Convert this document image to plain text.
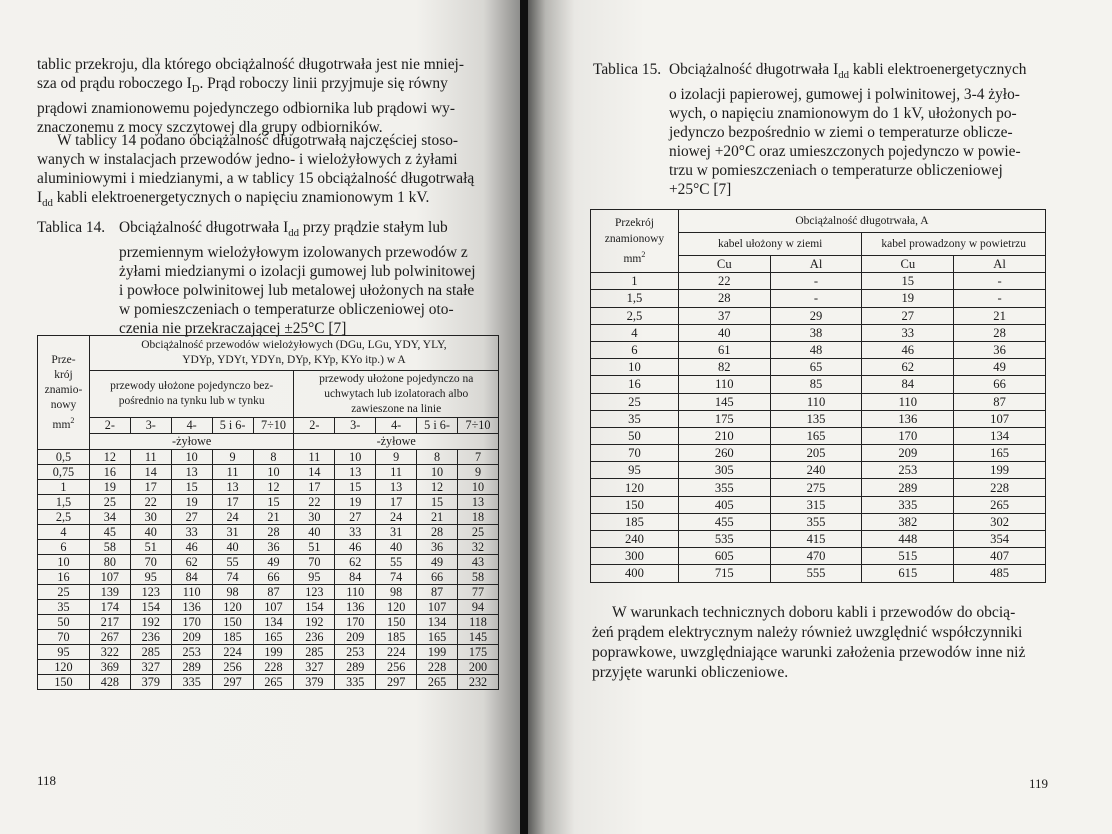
tablic przekroju, dla którego obciążalność długotrwała jest nie mniej-
sza od prądu roboczego $I_D$. Prąd roboczy linii przyjmuje się równy
prądowi znamionowemu pojedynczego odbiornika lub prądowi wy-
znaczonemu z mocy szczytowej dla grupy odbiorników.

W tablicy 14 podano obciążalność długotrwałą najczęściej stoso-
wanych w instalacjach przewodów jedno- i wielożyłowych z żyłami
aluminiowymi i miedzianymi, a w tablicy 15 obciążalność długotrwałą
$I_{dd}$ kabli elektroenergetycznych o napięciu znamionowym 1 kV.

Tablica 14. Obciążalność długotrwała $I_{dd}$ przy prądzie stałym lub
przemiennym wielożyłowym izolowanych przewodów z
żyłami miedzianymi o izolacji gumowej lub polwinitowej
i powłoce polwinitowej lub metalowej ułożonych na stałe
w pomieszczeniach o temperaturze obliczeniowej oto-
czenia nie przekraczającej ±25°C [7]
Prze-
krój
znamio-
nowy
$mm^2$	Obciążalność przewodów wielożyłowych (DGu, LGu, YDY, YLY,
YDYp, YDYt, YDYn, DYp, KYp, KYo itp.) w A									
	przewody ułożone pojedynczo bez-pośrednio na tynku lub w tynku					przewody ułożone pojedynczo na uchwytach lub izolatorach albo zawieszone na linie				
	2-	3-	4-	5 i 6-	7÷10	2-	3-	4-	5 i 6-	7÷10
	-żyłowe					-żyłowe				
0,5	12	11	10	9	8	11	10	9	8	7
0,75	16	14	13	11	10	14	13	11	10	9
1	19	17	15	13	12	17	15	13	12	10
1,5	25	22	19	17	15	22	19	17	15	13
2,5	34	30	27	24	21	30	27	24	21	18
4	45	40	33	31	28	40	33	31	28	25
6	58	51	46	40	36	51	46	40	36	32
10	80	70	62	55	49	70	62	55	49	43
16	107	95	84	74	66	95	84	74	66	58
25	139	123	110	98	87	123	110	98	87	77
35	174	154	136	120	107	154	136	120	107	94
50	217	192	170	150	134	192	170	150	134	118
70	267	236	209	185	165	236	209	185	165	145
95	322	285	253	224	199	285	253	224	199	175
120	369	327	289	256	228	327	289	256	228	200
150	428	379	335	297	265	379	335	297	265	232
118
Tablica 15. Obciążalność długotrwała $I_{dd}$ kabli elektroenergetycznych
o izolacji papierowej, gumowej i polwinitowej, 3-4 żyło-
wych, o napięciu znamionowym do 1 kV, ułożonych po-
jedynczo bezpośrednio w ziemi o temperaturze oblicze-
niowej +20°C oraz umieszczonych pojedynczo w powie-
trzu w pomieszczeniach o temperaturze obliczeniowej
+25°C [7]
Przekrój
znamionowy
$mm^2$	Obciążalność długotrwała, A			
	kabel ułożony w ziemi		kabel prowadzony w powietrzu	
	Cu	Al	Cu	Al
1	22	-	15	-
1,5	28	-	19	-
2,5	37	29	27	21
4	40	38	33	28
6	61	48	46	36
10	82	65	62	49
16	110	85	84	66
25	145	110	110	87
35	175	135	136	107
50	210	165	170	134
70	260	205	209	165
95	305	240	253	199
120	355	275	289	228
150	405	315	335	265
185	455	355	382	302
240	535	415	448	354
300	605	470	515	407
400	715	555	615	485

W warunkach technicznych doboru kabli i przewodów do obcią-
żeń prądem elektrycznym należy również uwzględnić współczynniki
poprawkowe, uwzględniające warunki założenia przewodów inne niż
przyjęte warunki obliczeniowe.

119
